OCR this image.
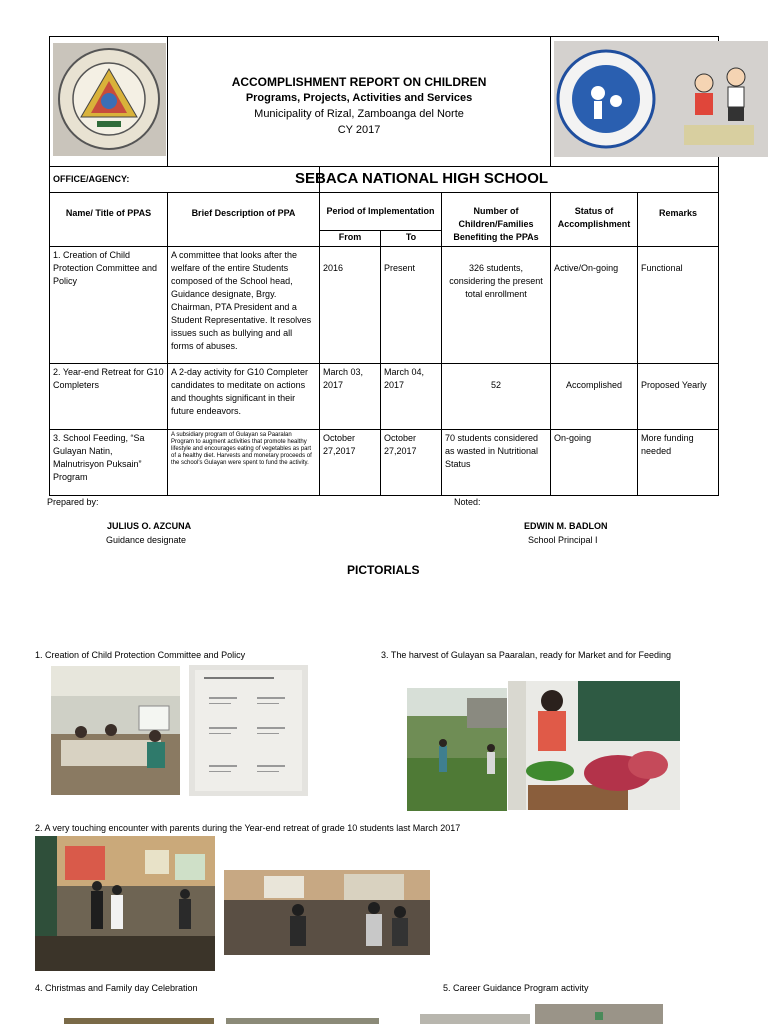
ACCOMPLISHMENT REPORT ON CHILDREN
Programs, Projects, Activities and Services
Municipality of Rizal, Zamboanga del Norte
CY 2017

OFFICE/AGENCY:		SEBACA NATIONAL HIGH SCHOOL				
Name/ Title of PPAS	Brief Description of PPA	Period of Implementation		Number of Children/Families Benefiting the PPAs	Status of Accomplishment	Remarks
		From	To			
1. Creation of Child Protection Committee and Policy	A committee that looks after the welfare of the entire Students composed of the School head, Guidance designate, Brgy. Chairman, PTA President and a Student Representative. It resolves issues such as bullying and all forms of abuses.	2016	Present	326 students, considering the present total enrollment	Active/On-going	Functional
2. Year-end Retreat for G10 Completers	A 2-day activity for G10 Completer candidates to meditate on actions and thoughts significant in their future endeavors.	March 03, 2017	March 04, 2017	52	Accomplished	Proposed Yearly
3. School Feeding, “Sa Gulayan Natin, Malnutrisyon Puksain” Program	A subsidiary program of Gulayan sa Paaralan Program to augment activities that promote healthy lifestyle and encourages eating of vegetables as part of a healthy diet. Harvests and monetary proceeds of the school's Gulayan were spent to fund the activity.	October 27,2017	October 27,2017	70 students considered as wasted in Nutritional Status	On-going	More funding needed
Prepared by:	Noted:
JULIUS O. AZCUNA
Guidance designate
EDWIN M. BADLON
School Principal I
PICTORIALS
1. Creation of Child Protection Committee and Policy	3. The harvest of Gulayan sa Paaralan, ready for Market and for Feeding
2. A very touching encounter with parents during the Year-end retreat of grade 10 students last March 2017
4. Christmas and Family day Celebration	5. Career Guidance Program activity
